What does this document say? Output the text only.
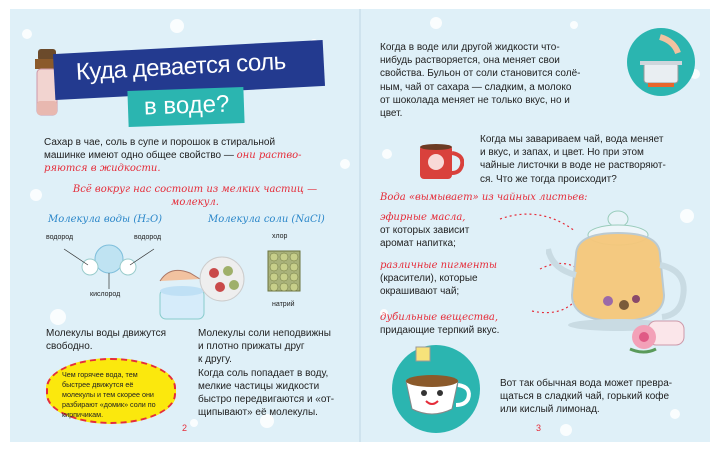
Куда девается соль
в воде?
Сахар в чае, соль в супе и порошок в стиральной
машинке имеют одно общее свойство — они раство-
ряются в жидкости.
Всё вокруг нас состоит из мелких частиц —
молекул.
Молекула воды (H₂O)	Молекула соли (NaCl)
водород	водород
кислород
хлор
натрий
Молекулы воды движутся
свободно.
Молекулы соли неподвижны
и плотно прижаты друг
к другу.
Когда соль попадает в воду,
мелкие частицы жидкости
быстро передвигаются и «от-
щипывают» её молекулы.
Чем горячее вода, тем быстрее движутся её молекулы и тем скорее они разбирают «домик» соли по кирпичикам.
2
Когда в воде или другой жидкости что-
нибудь растворяется, она меняет свои
свойства. Бульон от соли становится солё-
ным, чай от сахара — сладким, а молоко
от шоколада меняет не только вкус, но и
цвет.
Когда мы завариваем чай, вода меняет
и вкус, и запах, и цвет. Но при этом
чайные листочки в воде не растворяют-
ся. Что же тогда происходит?
Вода «вымывает» из чайных листьев:
эфирные масла,
от которых зависит
аромат напитка;
различные пигменты
(красители), которые
окрашивают чай;
дубильные вещества,
придающие терпкий вкус.
Вот так обычная вода может превра-
щаться в сладкий чай, горький кофе
или кислый лимонад.
3
